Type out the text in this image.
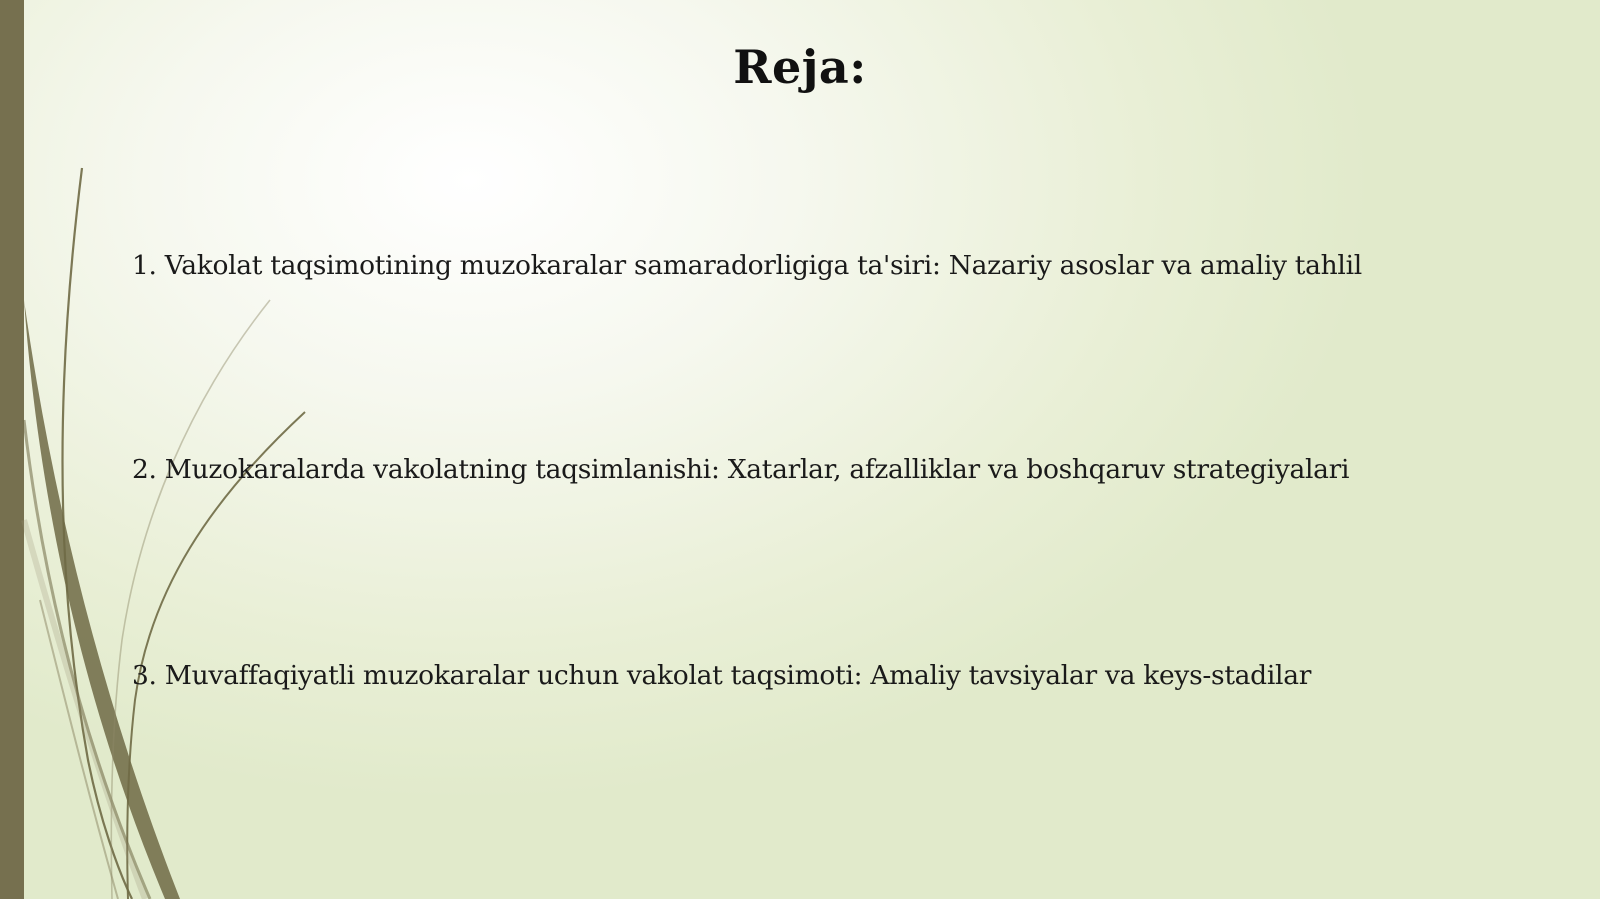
Reja:
1. Vakolat taqsimotining muzokaralar samaradorligiga ta'siri: Nazariy asoslar va amaliy tahlil
2. Muzokaralarda vakolatning taqsimlanishi: Xatarlar, afzalliklar va boshqaruv strategiyalari
3. Muvaffaqiyatli muzokaralar uchun vakolat taqsimoti: Amaliy tavsiyalar va keys-stadilar
